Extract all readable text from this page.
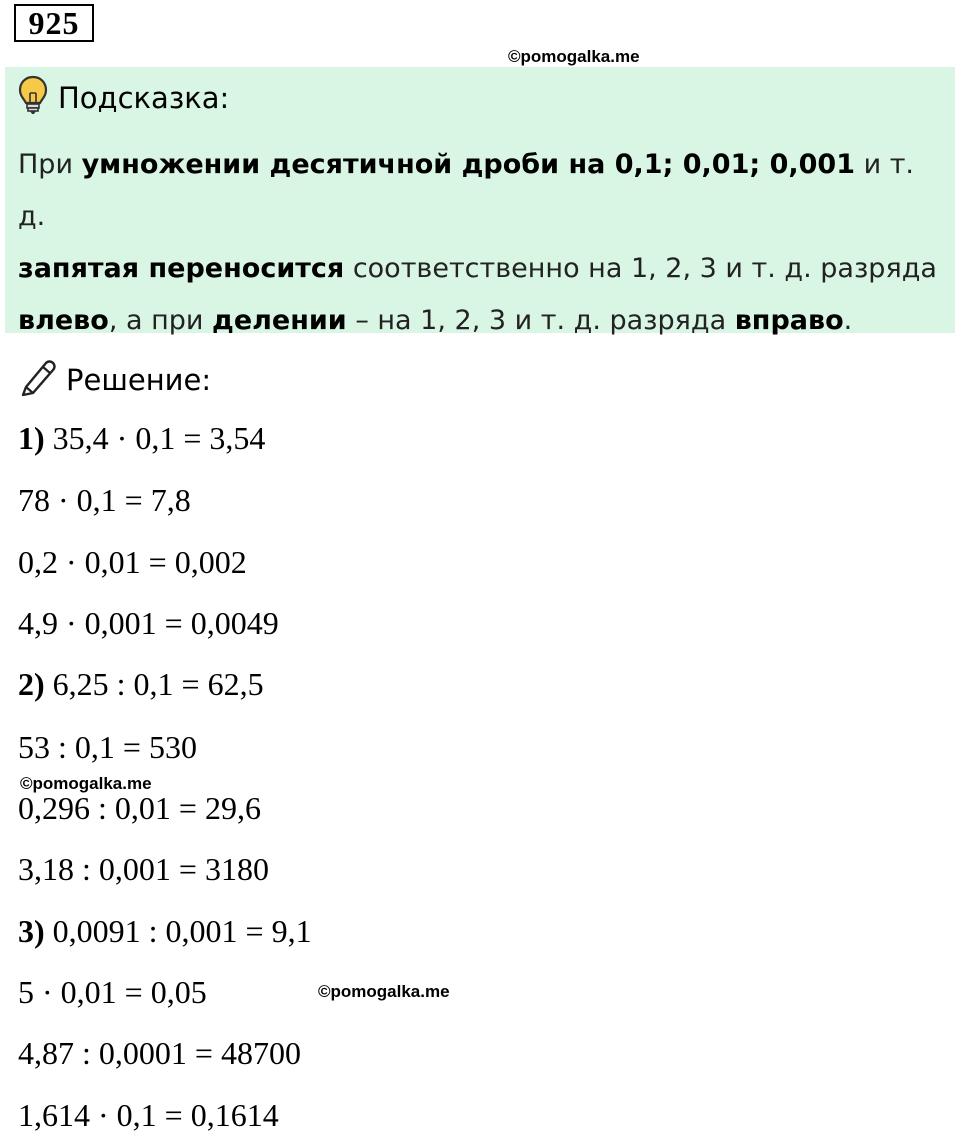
925
©pomogalka.me
Подсказка:
При умножении десятичной дроби на 0,1; 0,01; 0,001 и т. д.
запятая переносится соответственно на 1, 2, 3 и т. д. разряда
влево, а при делении – на 1, 2, 3 и т. д. разряда вправо.
Решение:
1) 35,4 · 0,1 = 3,54
78 · 0,1 = 7,8
0,2 · 0,01 = 0,002
4,9 · 0,001 = 0,0049
2) 6,25 : 0,1 = 62,5
53 : 0,1 = 530
©pomogalka.me
0,296 : 0,01 = 29,6
3,18 : 0,001 = 3180
3) 0,0091 : 0,001 = 9,1
5 · 0,01 = 0,05	©pomogalka.me
4,87 : 0,0001 = 48700
1,614 · 0,1 = 0,1614
